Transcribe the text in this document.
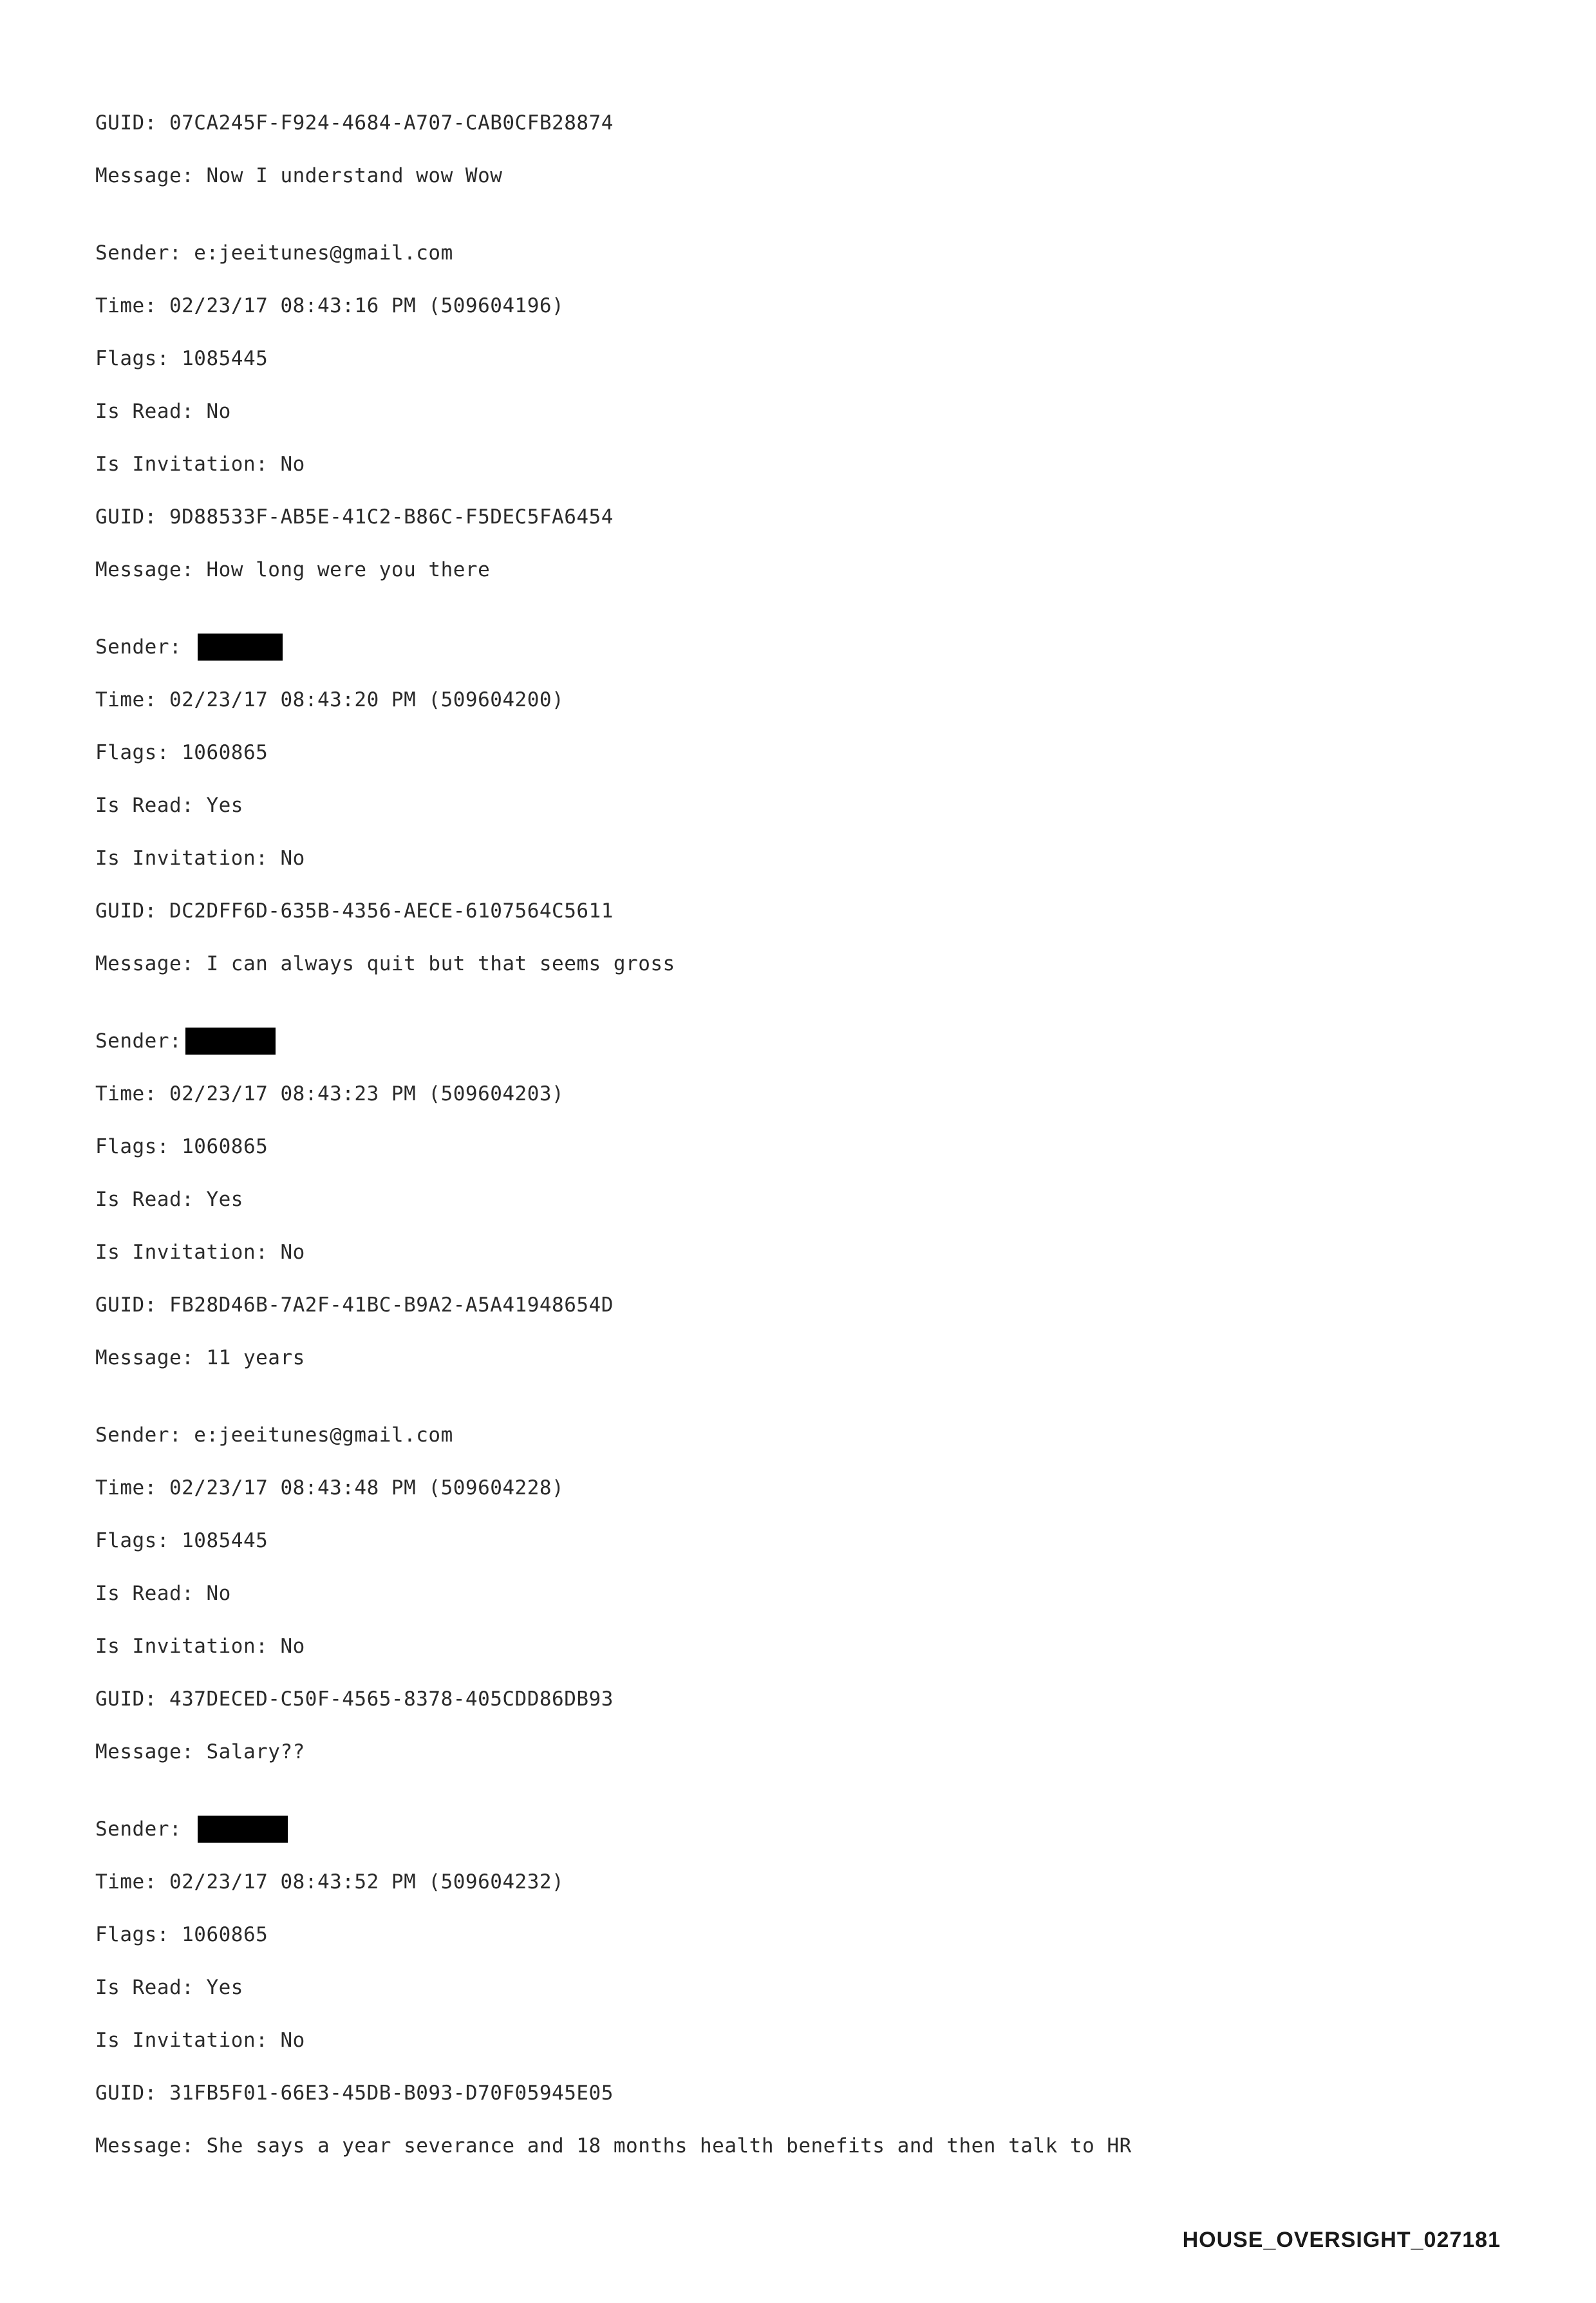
GUID: 07CA245F-F924-4684-A707-CAB0CFB28874
Message: Now I understand wow Wow
Sender: e:jeeitunes@gmail.com
Time: 02/23/17 08:43:16 PM (509604196)
Flags: 1085445
Is Read: No
Is Invitation: No
GUID: 9D88533F-AB5E-41C2-B86C-F5DEC5FA6454
Message: How long were you there
Sender:
Time: 02/23/17 08:43:20 PM (509604200)
Flags: 1060865
Is Read: Yes
Is Invitation: No
GUID: DC2DFF6D-635B-4356-AECE-6107564C5611
Message: I can always quit but that seems gross
Sender:
Time: 02/23/17 08:43:23 PM (509604203)
Flags: 1060865
Is Read: Yes
Is Invitation: No
GUID: FB28D46B-7A2F-41BC-B9A2-A5A41948654D
Message: 11 years
Sender: e:jeeitunes@gmail.com
Time: 02/23/17 08:43:48 PM (509604228)
Flags: 1085445
Is Read: No
Is Invitation: No
GUID: 437DECED-C50F-4565-8378-405CDD86DB93
Message: Salary??
Sender:
Time: 02/23/17 08:43:52 PM (509604232)
Flags: 1060865
Is Read: Yes
Is Invitation: No
GUID: 31FB5F01-66E3-45DB-B093-D70F05945E05
Message: She says a year severance and 18 months health benefits and then talk to HR
HOUSE_OVERSIGHT_027181
